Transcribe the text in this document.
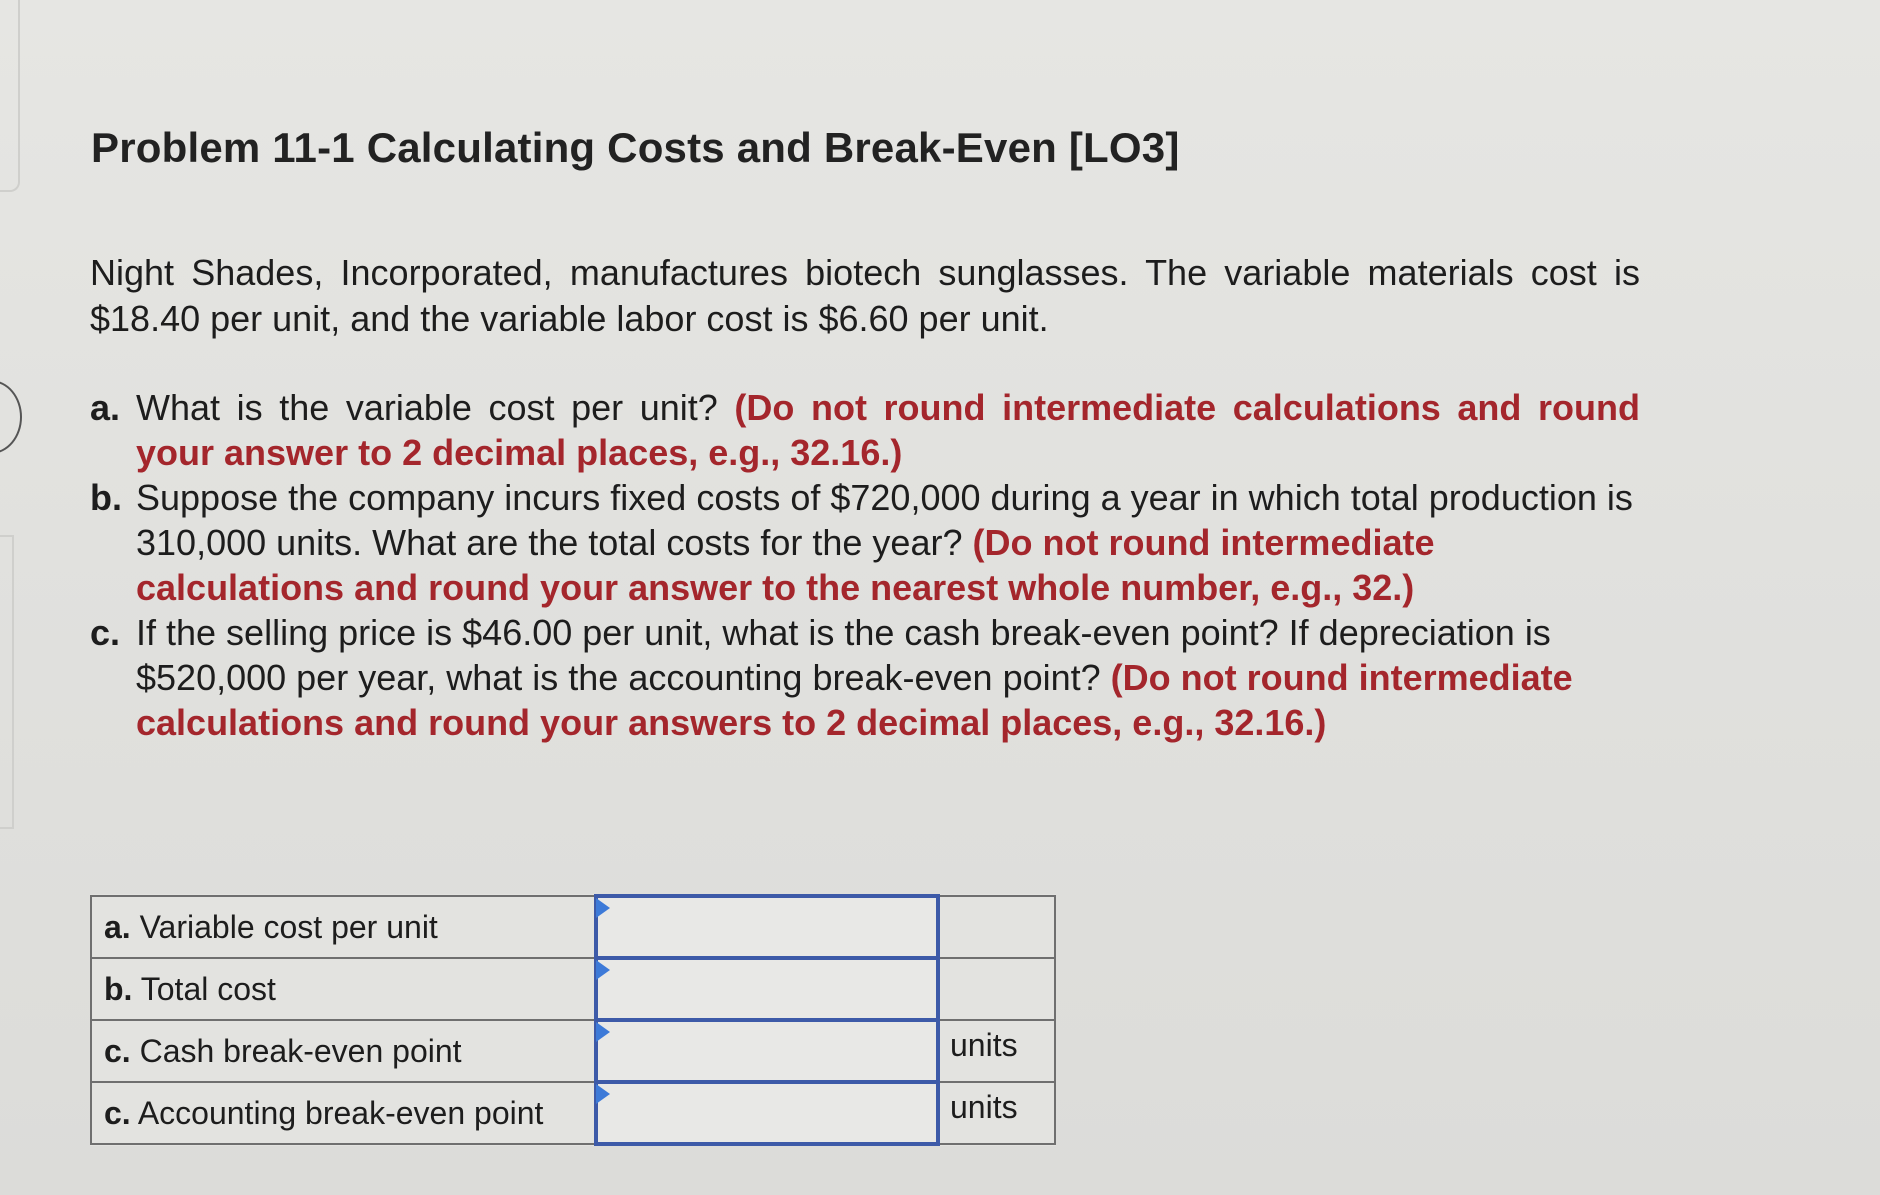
Problem 11-1 Calculating Costs and Break-Even [LO3]

Night Shades, Incorporated, manufactures biotech sunglasses. The variable materials cost is $18.40 per unit, and the variable labor cost is $6.60 per unit.

a. What is the variable cost per unit? (Do not round intermediate calculations and round your answer to 2 decimal places, e.g., 32.16.)
b. Suppose the company incurs fixed costs of $720,000 during a year in which total production is 310,000 units. What are the total costs for the year? (Do not round intermediate calculations and round your answer to the nearest whole number, e.g., 32.)
c. If the selling price is $46.00 per unit, what is the cash break-even point? If depreciation is $520,000 per year, what is the accounting break-even point? (Do not round intermediate calculations and round your answers to 2 decimal places, e.g., 32.16.)
a. Variable cost per unit	

b. Total cost	

c. Cash break-even point		units
c. Accounting break-even point		units
